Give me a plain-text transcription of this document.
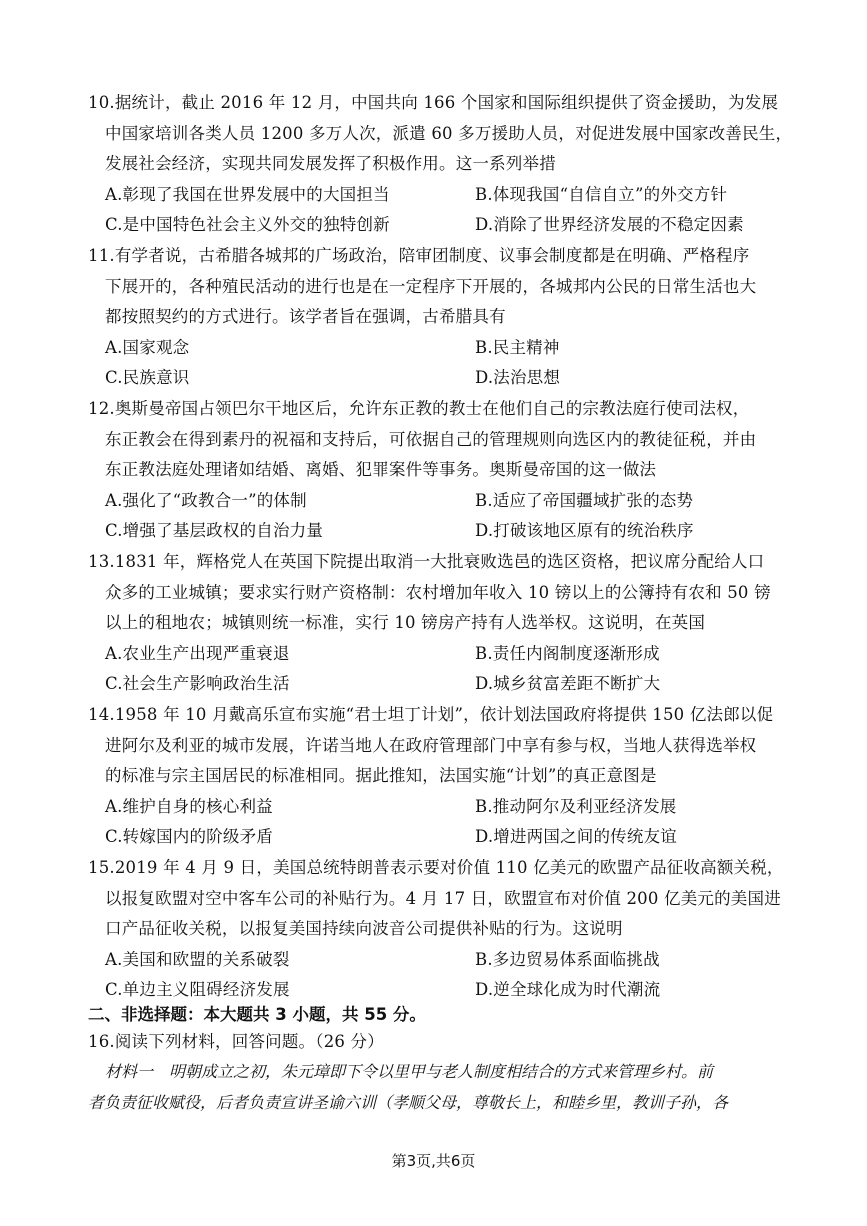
10.据统计，截止 2016 年 12 月，中国共向 166 个国家和国际组织提供了资金援助，为发展
中国家培训各类人员 1200 多万人次，派遣 60 多万援助人员，对促进发展中国家改善民生，
发展社会经济，实现共同发展发挥了积极作用。这一系列举措
A.彰现了我国在世界发展中的大国担当	B.体现我国“自信自立”的外交方针
C.是中国特色社会主义外交的独特创新	D.消除了世界经济发展的不稳定因素
11.有学者说，古希腊各城邦的广场政治，陪审团制度、议事会制度都是在明确、严格程序
下展开的，各种殖民活动的进行也是在一定程序下开展的，各城邦内公民的日常生活也大
都按照契约的方式进行。该学者旨在强调，古希腊具有
A.国家观念	B.民主精神
C.民族意识	D.法治思想
12.奥斯曼帝国占领巴尔干地区后，允许东正教的教士在他们自己的宗教法庭行使司法权，
东正教会在得到素丹的祝福和支持后，可依据自己的管理规则向选区内的教徒征税，并由
东正教法庭处理诸如结婚、离婚、犯罪案件等事务。奥斯曼帝国的这一做法
A.强化了“政教合一”的体制	B.适应了帝国疆域扩张的态势
C.增强了基层政权的自治力量	D.打破该地区原有的统治秩序
13.1831 年，辉格党人在英国下院提出取消一大批衰败选邑的选区资格，把议席分配给人口
众多的工业城镇；要求实行财产资格制：农村增加年收入 10 镑以上的公簿持有农和 50 镑
以上的租地农；城镇则统一标准，实行 10 镑房产持有人选举权。这说明，在英国
A.农业生产出现严重衰退	B.责任内阁制度逐渐形成
C.社会生产影响政治生活	D.城乡贫富差距不断扩大
14.1958 年 10 月戴高乐宣布实施“君士坦丁计划”，依计划法国政府将提供 150 亿法郎以促
进阿尔及利亚的城市发展，许诺当地人在政府管理部门中享有参与权，当地人获得选举权
的标准与宗主国居民的标准相同。据此推知，法国实施“计划”的真正意图是
A.维护自身的核心利益	B.推动阿尔及利亚经济发展
C.转嫁国内的阶级矛盾	D.增进两国之间的传统友谊
15.2019 年 4 月 9 日，美国总统特朗普表示要对价值 110 亿美元的欧盟产品征收高额关税，
以报复欧盟对空中客车公司的补贴行为。4 月 17 日，欧盟宣布对价值 200 亿美元的美国进
口产品征收关税，以报复美国持续向波音公司提供补贴的行为。这说明
A.美国和欧盟的关系破裂	B.多边贸易体系面临挑战
C.单边主义阻碍经济发展	D.逆全球化成为时代潮流
二、非选择题：本大题共 3 小题，共 55 分。
16.阅读下列材料，回答问题。（26 分）
材料一　明朝成立之初，朱元璋即下令以里甲与老人制度相结合的方式来管理乡村。前
者负责征收赋役，后者负责宣讲圣谕六训（孝顺父母，尊敬长上，和睦乡里，教训子孙，各
第3页,共6页
